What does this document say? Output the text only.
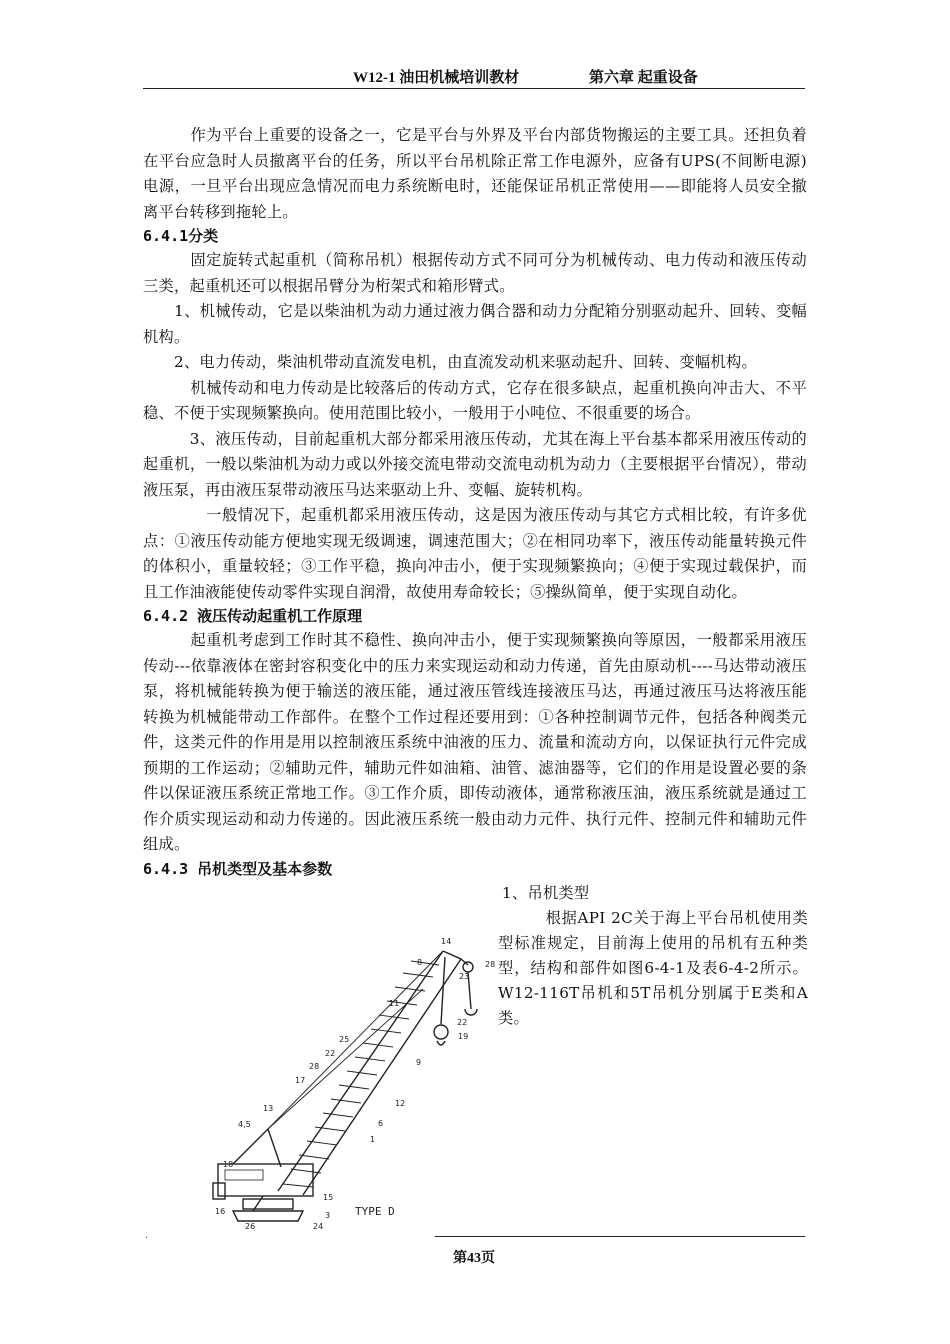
W12-1 油田机械培训教材	第六章 起重设备

　　　作为平台上重要的设备之一，它是平台与外界及平台内部货物搬运的主要工具。还担负着在平台应急时人员撤离平台的任务，所以平台吊机除正常工作电源外，应备有UPS(不间断电源)电源，一旦平台出现应急情况而电力系统断电时，还能保证吊机正常使用——即能将人员安全撤离平台转移到拖轮上。

6.4.1分类

　　　固定旋转式起重机（简称吊机）根据传动方式不同可分为机械传动、电力传动和液压传动三类，起重机还可以根据吊臂分为桁架式和箱形臂式。

　　1、机械传动，它是以柴油机为动力通过液力偶合器和动力分配箱分别驱动起升、回转、变幅机构。

　　2、电力传动，柴油机带动直流发电机，由直流发动机来驱动起升、回转、变幅机构。

　　　机械传动和电力传动是比较落后的传动方式，它存在很多缺点，起重机换向冲击大、不平稳、不便于实现频繁换向。使用范围比较小，一般用于小吨位、不很重要的场合。

　　　3、液压传动，目前起重机大部分都采用液压传动，尤其在海上平台基本都采用液压传动的起重机，一般以柴油机为动力或以外接交流电带动交流电动机为动力（主要根据平台情况），带动液压泵，再由液压泵带动液压马达来驱动上升、变幅、旋转机构。

　　　　一般情况下，起重机都采用液压传动，这是因为液压传动与其它方式相比较，有许多优点：①液压传动能方便地实现无级调速，调速范围大；②在相同功率下，液压传动能量转换元件的体积小，重量较轻；③工作平稳，换向冲击小，便于实现频繁换向；④便于实现过载保护，而且工作油液能使传动零件实现自润滑，故使用寿命较长；⑤操纵简单，便于实现自动化。

6.4.2 液压传动起重机工作原理

　　　起重机考虑到工作时其不稳性、换向冲击小，便于实现频繁换向等原因，一般都采用液压传动---依靠液体在密封容积变化中的压力来实现运动和动力传递，首先由原动机----马达带动液压泵，将机械能转换为便于输送的液压能，通过液压管线连接液压马达，再通过液压马达将液压能转换为机械能带动工作部件。在整个工作过程还要用到：①各种控制调节元件，包括各种阀类元件，这类元件的作用是用以控制液压系统中油液的压力、流量和流动方向，以保证执行元件完成预期的工作运动；②辅助元件，辅助元件如油箱、油管、滤油器等，它们的作用是设置必要的条件以保证液压系统正常地工作。③工作介质，即传动液体，通常称液压油，液压系统就是通过工作介质实现运动和动力传递的。因此液压系统一般由动力元件、执行元件、控制元件和辅助元件组成。

6.4.3 吊机类型及基本参数

1、吊机类型

　　　根据API 2C关于海上平台吊机使用类型标准规定，目前海上使用的吊机有五种类型，结构和部件如图6-4-1及表6-4-2所示。W12-116T吊机和5T吊机分别属于E类和A类。

14
28
8
23
22
11
19
25
22
28	9
17
12
13
6
4,5
1
18
15
16	3
26	24
TYPE D
·
第43页
